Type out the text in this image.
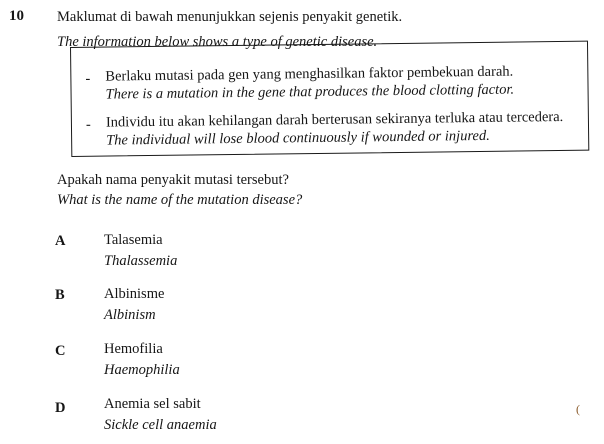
10 Maklumat di bawah menunjukkan sejenis penyakit genetik.
The information below shows a type of genetic disease.
- Berlaku mutasi pada gen yang menghasilkan faktor pembekuan darah.
There is a mutation in the gene that produces the blood clotting factor.
- Individu itu akan kehilangan darah berterusan sekiranya terluka atau tercedera.
The individual will lose blood continuously if wounded or injured.
Apakah nama penyakit mutasi tersebut?
What is the name of the mutation disease?
A	Talasemia
Thalassemia
B	Albinisme
Albinism
C	Hemofilia
Haemophilia
D	Anemia sel sabit
Sickle cell anaemia
(
